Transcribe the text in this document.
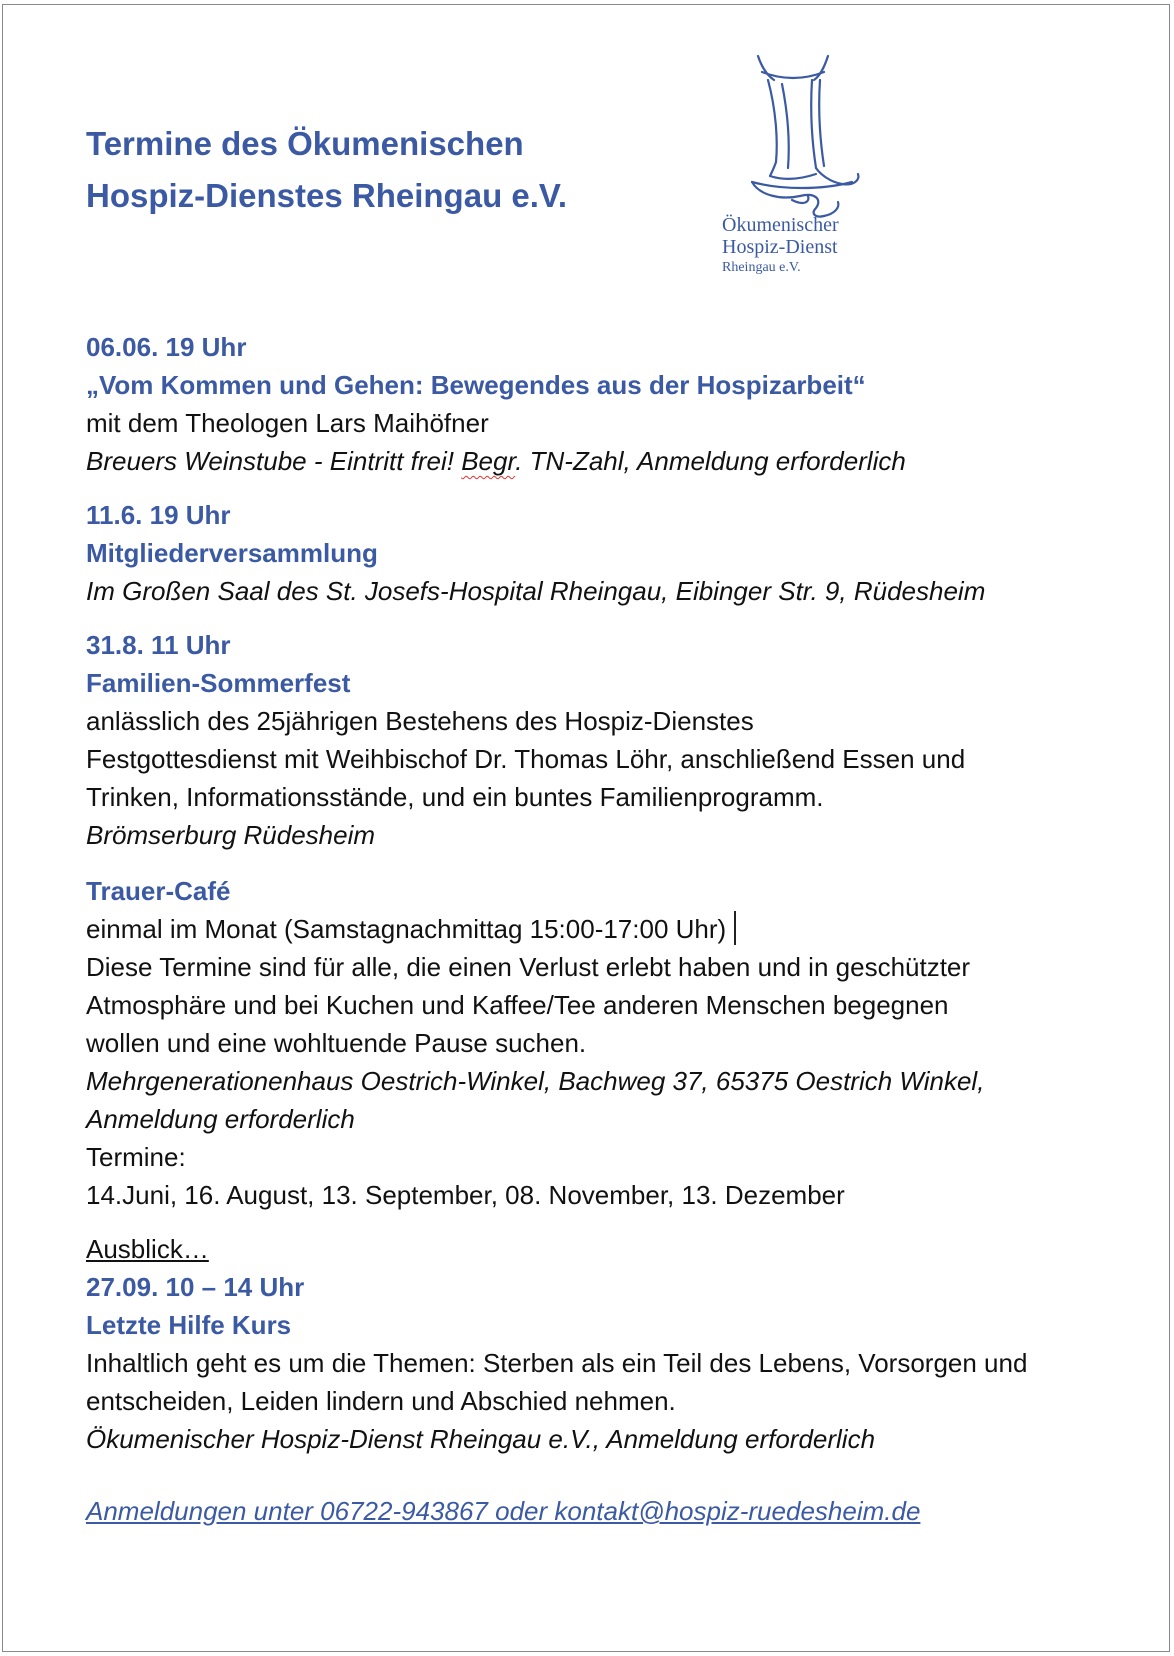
Termine des Ökumenischen
Hospiz-Dienstes Rheingau e.V.
Ökumenischer
Hospiz-Dienst
Rheingau e.V.
06.06. 19 Uhr
„Vom Kommen und Gehen: Bewegendes aus der Hospizarbeit“
mit dem Theologen Lars Maihöfner
Breuers Weinstube - Eintritt frei! Begr. TN-Zahl, Anmeldung erforderlich
11.6. 19 Uhr
Mitgliederversammlung
Im Großen Saal des St. Josefs-Hospital Rheingau, Eibinger Str. 9, Rüdesheim
31.8. 11 Uhr
Familien-Sommerfest
anlässlich des 25jährigen Bestehens des Hospiz-Dienstes
Festgottesdienst mit Weihbischof Dr. Thomas Löhr, anschließend Essen und
Trinken, Informationsstände, und ein buntes Familienprogramm.
Brömserburg Rüdesheim
Trauer-Café
einmal im Monat (Samstagnachmittag 15:00-17:00 Uhr)
Diese Termine sind für alle, die einen Verlust erlebt haben und in geschützter
Atmosphäre und bei Kuchen und Kaffee/Tee anderen Menschen begegnen
wollen und eine wohltuende Pause suchen.
Mehrgenerationenhaus Oestrich-Winkel, Bachweg 37, 65375 Oestrich Winkel,
Anmeldung erforderlich
Termine:
14.Juni, 16. August, 13. September, 08. November, 13. Dezember
Ausblick…
27.09. 10 – 14 Uhr
Letzte Hilfe Kurs
Inhaltlich geht es um die Themen: Sterben als ein Teil des Lebens, Vorsorgen und
entscheiden, Leiden lindern und Abschied nehmen.
Ökumenischer Hospiz-Dienst Rheingau e.V., Anmeldung erforderlich
Anmeldungen unter 06722-943867 oder kontakt@hospiz-ruedesheim.de
